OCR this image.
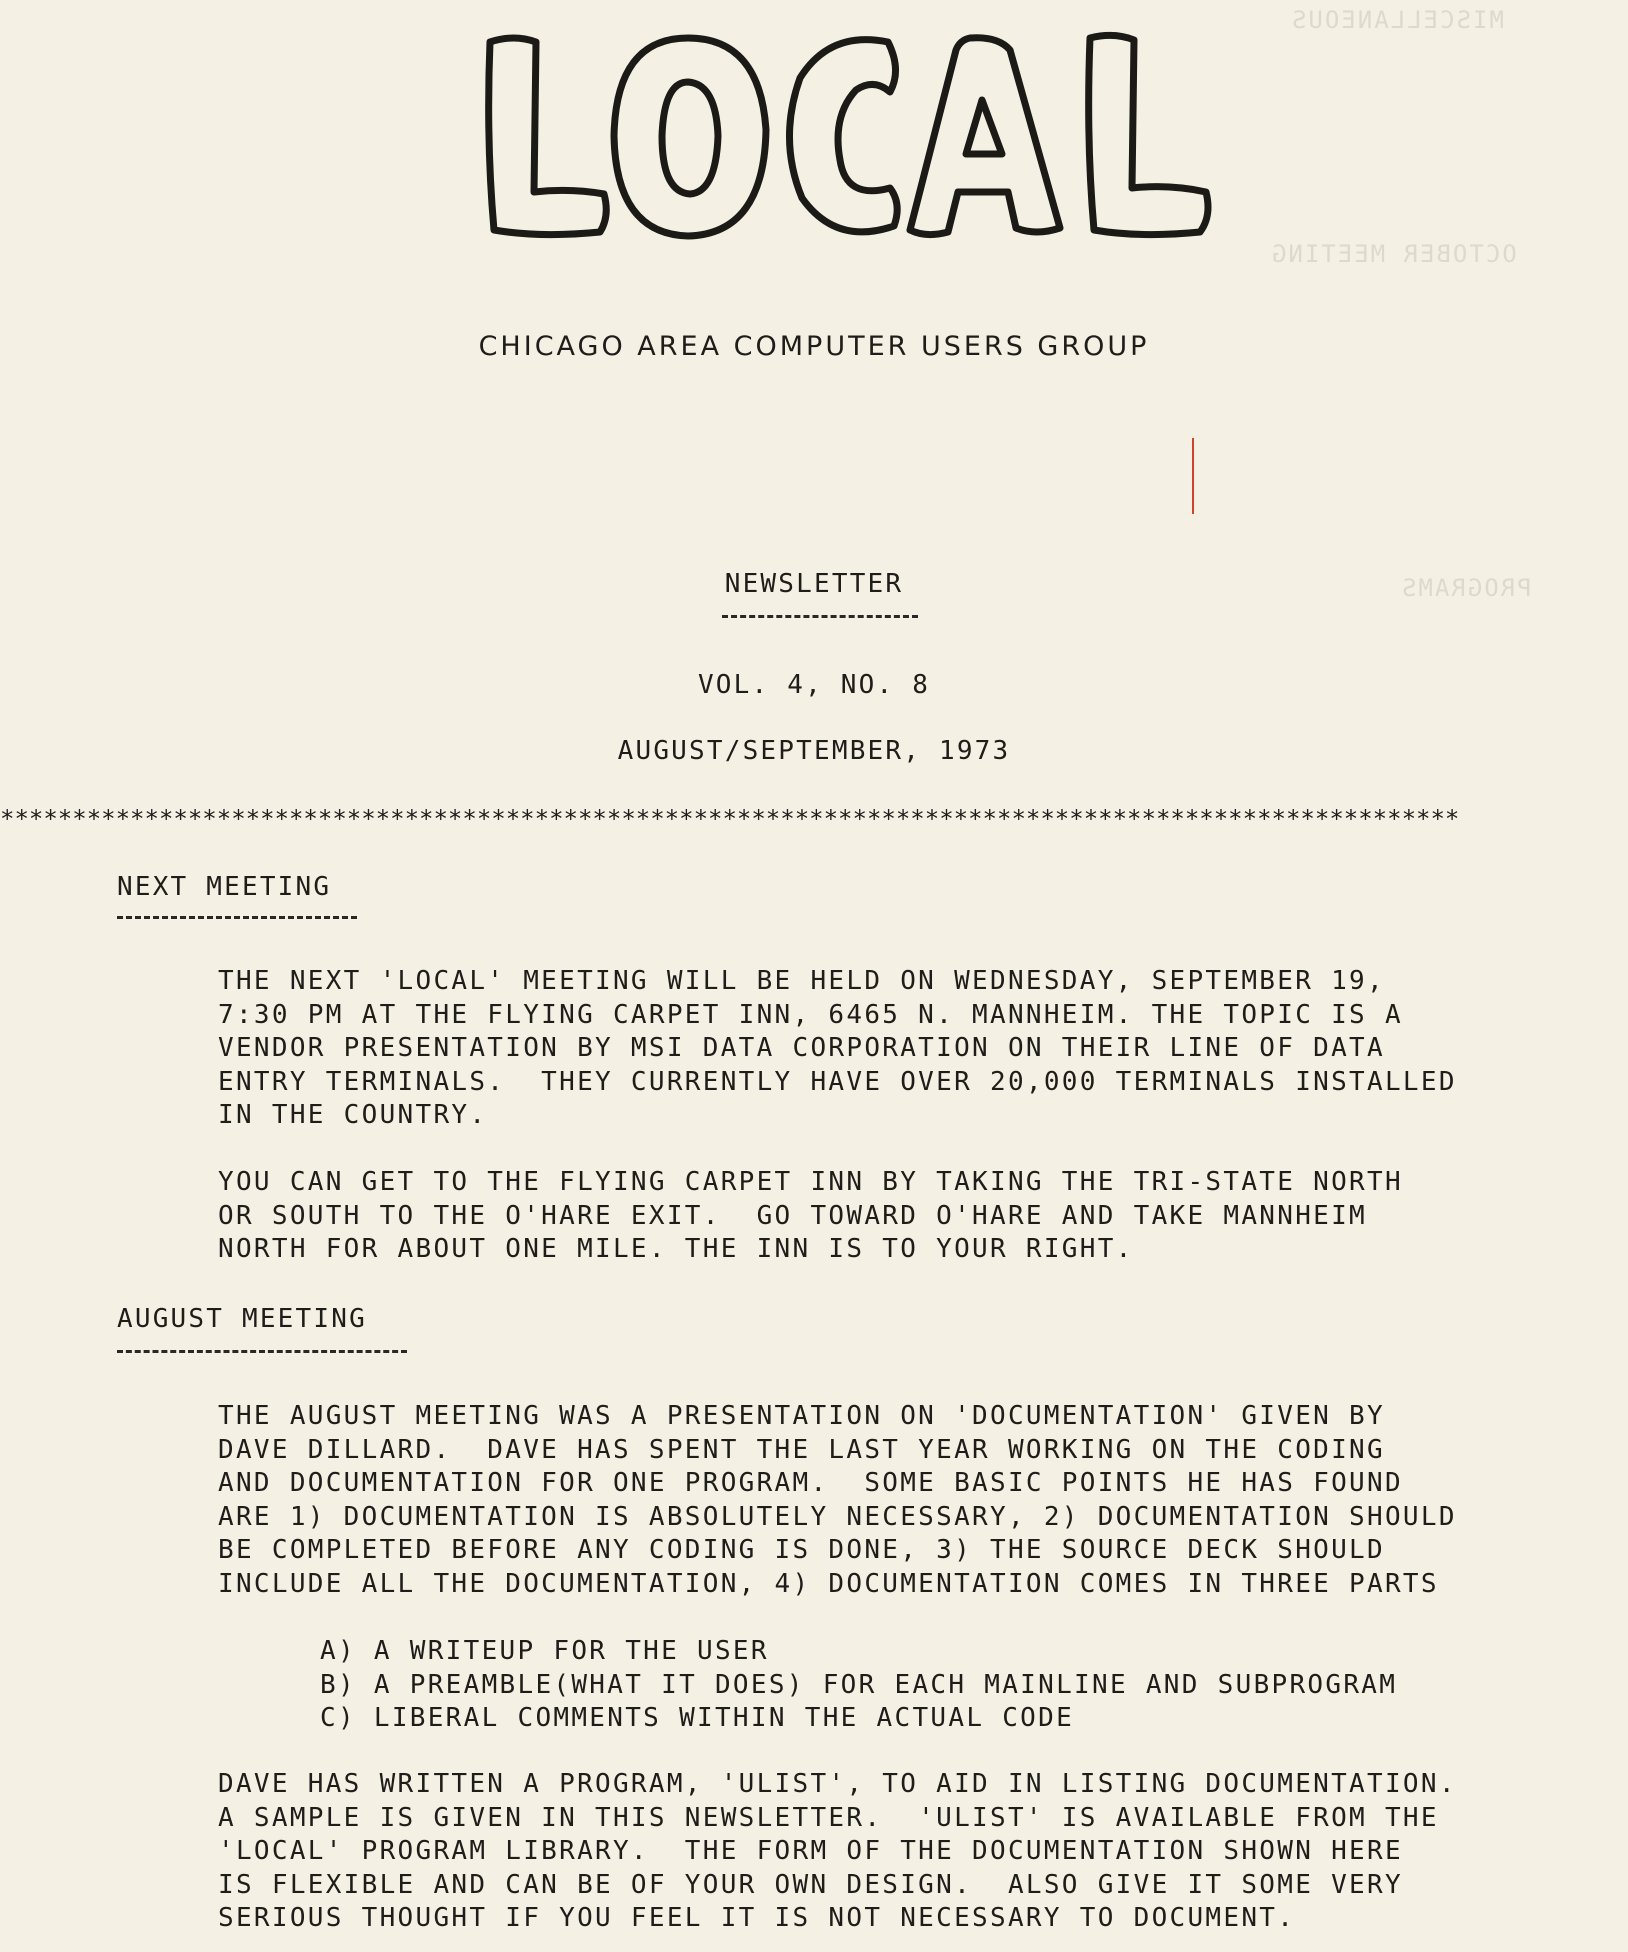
MISCELLANEOUS
OCTOBER MEETING
PROGRAMS
CHICAGO AREA COMPUTER USERS GROUP
NEWSLETTER
VOL. 4, NO. 8
AUGUST/SEPTEMBER, 1973
*****************************************************************************************************
NEXT MEETING
THE NEXT 'LOCAL' MEETING WILL BE HELD ON WEDNESDAY, SEPTEMBER 19,
7:30 PM AT THE FLYING CARPET INN, 6465 N. MANNHEIM. THE TOPIC IS A
VENDOR PRESENTATION BY MSI DATA CORPORATION ON THEIR LINE OF DATA
ENTRY TERMINALS.  THEY CURRENTLY HAVE OVER 20,000 TERMINALS INSTALLED
IN THE COUNTRY.
YOU CAN GET TO THE FLYING CARPET INN BY TAKING THE TRI-STATE NORTH
OR SOUTH TO THE O'HARE EXIT.  GO TOWARD O'HARE AND TAKE MANNHEIM
NORTH FOR ABOUT ONE MILE. THE INN IS TO YOUR RIGHT.
AUGUST MEETING
THE AUGUST MEETING WAS A PRESENTATION ON 'DOCUMENTATION' GIVEN BY
DAVE DILLARD.  DAVE HAS SPENT THE LAST YEAR WORKING ON THE CODING
AND DOCUMENTATION FOR ONE PROGRAM.  SOME BASIC POINTS HE HAS FOUND
ARE 1) DOCUMENTATION IS ABSOLUTELY NECESSARY, 2) DOCUMENTATION SHOULD
BE COMPLETED BEFORE ANY CODING IS DONE, 3) THE SOURCE DECK SHOULD
INCLUDE ALL THE DOCUMENTATION, 4) DOCUMENTATION COMES IN THREE PARTS
A) A WRITEUP FOR THE USER
B) A PREAMBLE(WHAT IT DOES) FOR EACH MAINLINE AND SUBPROGRAM
C) LIBERAL COMMENTS WITHIN THE ACTUAL CODE
DAVE HAS WRITTEN A PROGRAM, 'ULIST', TO AID IN LISTING DOCUMENTATION.
A SAMPLE IS GIVEN IN THIS NEWSLETTER.  'ULIST' IS AVAILABLE FROM THE
'LOCAL' PROGRAM LIBRARY.  THE FORM OF THE DOCUMENTATION SHOWN HERE
IS FLEXIBLE AND CAN BE OF YOUR OWN DESIGN.  ALSO GIVE IT SOME VERY
SERIOUS THOUGHT IF YOU FEEL IT IS NOT NECESSARY TO DOCUMENT.
